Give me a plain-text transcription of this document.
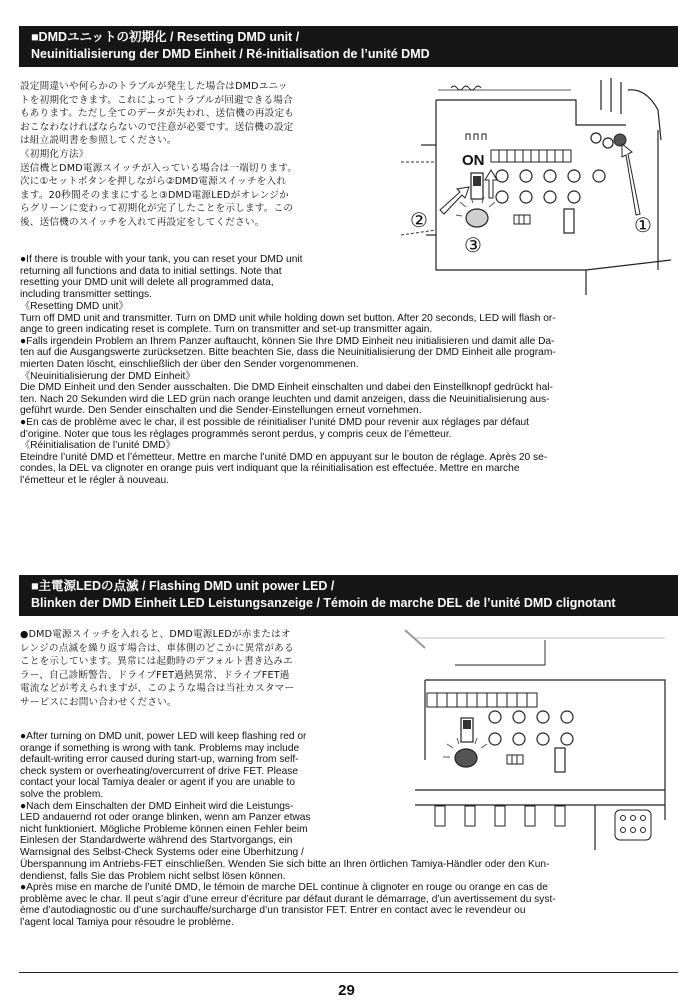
■DMDユニットの初期化 / Resetting DMD unit /
Neuinitialisierung der DMD Einheit / Ré-initialisation de l’unité DMD
設定間違いや何らかのトラブルが発生した場合はDMDユニッ
トを初期化できます。これによってトラブルが回避できる場合
もあります。ただし全てのデータが失われ、送信機の再設定も
おこなわなければならないので注意が必要です。送信機の設定
は組立説明書を参照してください。
《初期化方法》
送信機とDMD電源スイッチが入っている場合は一端切ります。
次に①セットボタンを押しながら②DMD電源スイッチを入れ
ます。20秒間そのままにすると③DMD電源LEDがオレンジか
らグリーンに変わって初期化が完了したことを示します。この
後、送信機のスイッチを入れて再設定をしてください。
●If there is trouble with your tank, you can reset your DMD unit
returning all functions and data to initial settings. Note that
resetting your DMD unit will delete all programmed data,
including transmitter settings.
《Resetting DMD unit》
Turn off DMD unit and transmitter. Turn on DMD unit while holding down set button. After 20 seconds, LED will flash or-
ange to green indicating reset is complete. Turn on transmitter and set-up transmitter again.
●Falls irgendein Problem an Ihrem Panzer auftaucht, können Sie Ihre DMD Einheit neu initialisieren und damit alle Da-
ten auf die Ausgangswerte zurücksetzen. Bitte beachten Sie, dass die Neuinitialisierung der DMD Einheit alle program-
mierten Daten löscht, einschließlich der über den Sender vorgenommenen.
《Neuinitialisierung der DMD Einheit》
Die DMD Einheit und den Sender ausschalten. Die DMD Einheit einschalten und dabei den Einstellknopf gedrückt hal-
ten. Nach 20 Sekunden wird die LED grün nach orange leuchten und damit anzeigen, dass die Neuinitialisierung aus-
geführt wurde. Den Sender einschalten und die Sender-Einstellungen erneut vornehmen.
●En cas de problème avec le char, il est possible de réinitialiser l’unité DMD pour revenir aux réglages par défaut
d’origine. Noter que tous les réglages programmés seront perdus, y compris ceux de l’émetteur.
《Réinitialisation de l’unité DMD》
Eteindre l’unité DMD et l’émetteur. Mettre en marche l’unité DMD en appuyant sur le bouton de réglage. Après 20 se-
condes, la DEL va clignoter en orange puis vert indiquant que la réinitialisation est effectuée. Mettre en marche
l’émetteur et le régler à nouveau.
ON
①
②
③
■主電源LEDの点滅 / Flashing DMD unit power LED /
Blinken der DMD Einheit LED Leistungsanzeige / Témoin de marche DEL de l’unité DMD clignotant
●DMD電源スイッチを入れると、DMD電源LEDが赤またはオ
レンジの点滅を繰り返す場合は、車体側のどこかに異常がある
ことを示しています。異常には起動時のデフォルト書き込みエ
ラー、自己診断警告、ドライブFET過熱異常、ドライブFET過
電流などが考えられますが、このような場合は当社カスタマー
サービスにお問い合わせください。
●After turning on DMD unit, power LED will keep flashing red or
orange if something is wrong with tank. Problems may include
default-writing error caused during start-up, warning from self-
check system or overheating/overcurrent of drive FET. Please
contact your local Tamiya dealer or agent if you are unable to
solve the problem.
●Nach dem Einschalten der DMD Einheit wird die Leistungs-
LED andauernd rot oder orange blinken, wenn am Panzer etwas
nicht funktioniert. Mögliche Probleme können einen Fehler beim
Einlesen der Standardwerte während des Startvorgangs, ein
Warnsignal des Selbst-Check Systems oder eine Überhitzung /
Überspannung im Antriebs-FET einschließen. Wenden Sie sich bitte an Ihren örtlichen Tamiya-Händler oder den Kun-
dendienst, falls Sie das Problem nicht selbst lösen können.
●Après mise en marche de l’unité DMD, le témoin de marche DEL continue à clignoter en rouge ou orange en cas de
problème avec le char. Il peut s’agir d’une erreur d’écriture par défaut durant le démarrage, d’un avertissement du syst-
ème d’autodiagnostic ou d’une surchauffe/surcharge d’un transistor FET. Entrer en contact avec le revendeur ou
l’agent local Tamiya pour résoudre le problème.
29
